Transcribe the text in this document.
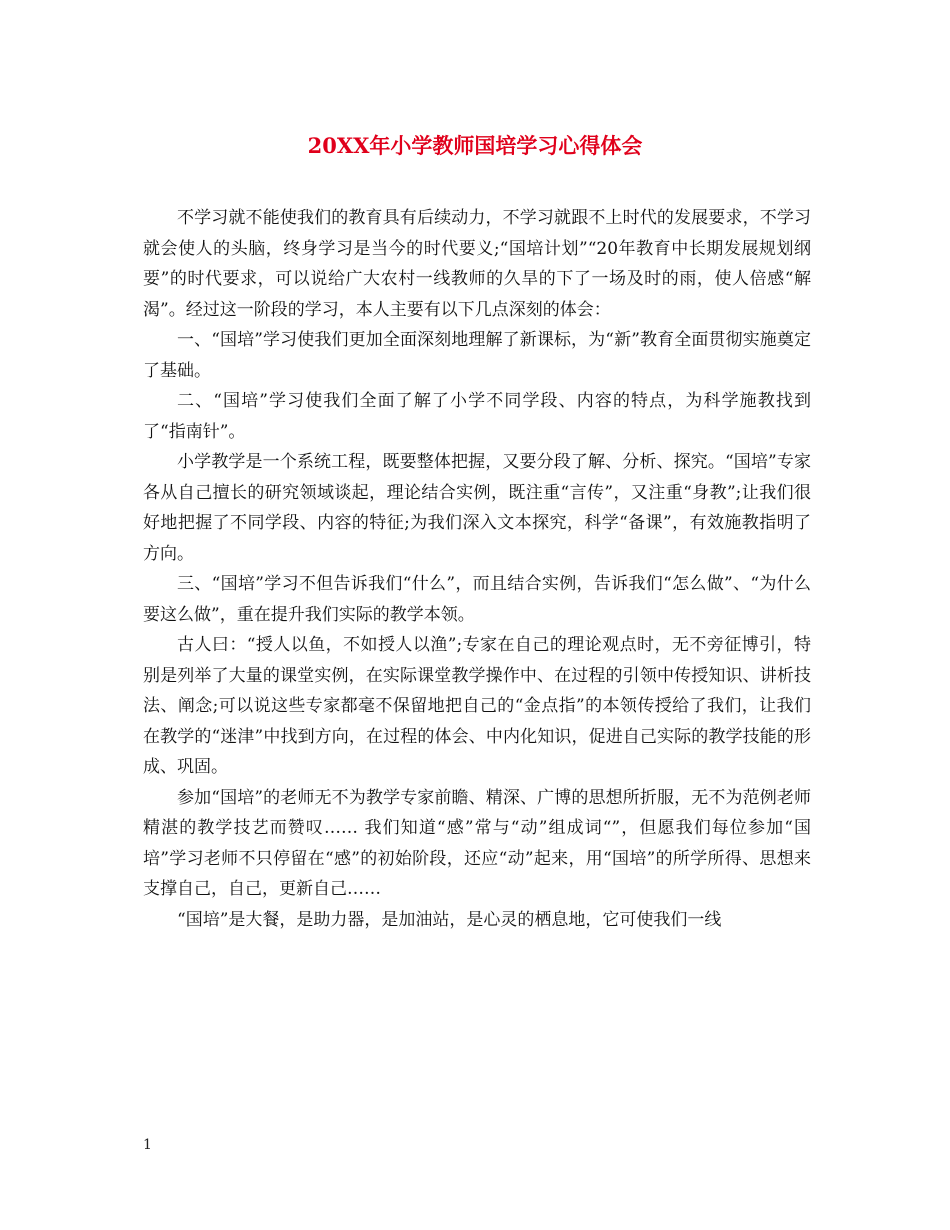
20XX年小学教师国培学习心得体会

不学习就不能使我们的教育具有后续动力，不学习就跟不上时代的发展要求，不学习就会使人的头脑，终身学习是当今的时代要义;“国培计划”“20年教育中长期发展规划纲要”的时代要求，可以说给广大农村一线教师的久旱的下了一场及时的雨，使人倍感“解渴”。经过这一阶段的学习，本人主要有以下几点深刻的体会：

一、“国培”学习使我们更加全面深刻地理解了新课标，为“新”教育全面贯彻实施奠定了基础。

二、“国培”学习使我们全面了解了小学不同学段、内容的特点，为科学施教找到了“指南针”。

小学教学是一个系统工程，既要整体把握，又要分段了解、分析、探究。“国培”专家各从自己擅长的研究领域谈起，理论结合实例，既注重“言传”，又注重“身教”;让我们很好地把握了不同学段、内容的特征;为我们深入文本探究，科学“备课”，有效施教指明了方向。

三、“国培”学习不但告诉我们“什么”，而且结合实例，告诉我们“怎么做”、“为什么要这么做”，重在提升我们实际的教学本领。

古人曰：“授人以鱼，不如授人以渔”;专家在自己的理论观点时，无不旁征博引，特别是列举了大量的课堂实例，在实际课堂教学操作中、在过程的引领中传授知识、讲析技法、阐念;可以说这些专家都毫不保留地把自己的“金点指”的本领传授给了我们，让我们在教学的“迷津”中找到方向，在过程的体会、中内化知识，促进自己实际的教学技能的形成、巩固。

参加“国培”的老师无不为教学专家前瞻、精深、广博的思想所折服，无不为范例老师精湛的教学技艺而赞叹…… 我们知道“感”常与“动”组成词“”，但愿我们每位参加“国培”学习老师不只停留在“感”的初始阶段，还应“动”起来，用“国培”的所学所得、思想来支撑自己，自己，更新自己……

“国培”是大餐，是助力器，是加油站，是心灵的栖息地，它可使我们一线

1
